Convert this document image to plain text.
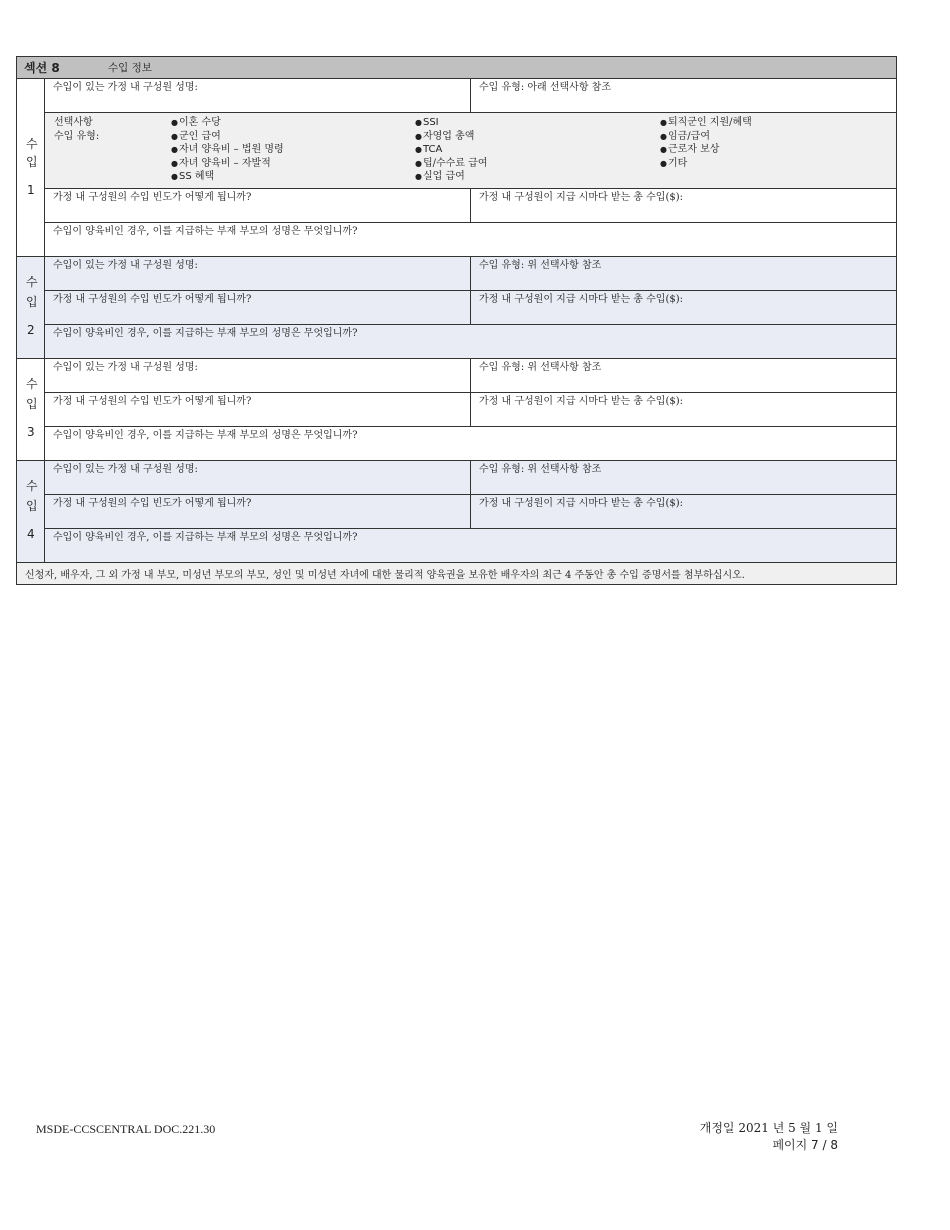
섹션 8	수입 정보
수
입
1
수입이 있는 가정 내 구성원 성명:	수입 유형: 아래 선택사항 참조
선택사항
수입 유형:
● 이혼 수당
● 군인 급여
● 자녀 양육비 – 법원 명령
● 자녀 양육비 – 자발적
● SS 혜택
● SSI
● 자영업 총액
● TCA
● 팁/수수료 급여
● 실업 급여
● 퇴직군인 지원/혜택
● 임금/급여
● 근로자 보상
● 기타
가정 내 구성원의 수입 빈도가 어떻게 됩니까?	가정 내 구성원이 지급 시마다 받는 총 수입($):
수입이 양육비인 경우, 이를 지급하는 부재 부모의 성명은 무엇입니까?
수
입
2
수입이 있는 가정 내 구성원 성명:	수입 유형: 위 선택사항 참조
가정 내 구성원의 수입 빈도가 어떻게 됩니까?	가정 내 구성원이 지급 시마다 받는 총 수입($):
수입이 양육비인 경우, 이를 지급하는 부재 부모의 성명은 무엇입니까?
수
입
3
수입이 있는 가정 내 구성원 성명:	수입 유형: 위 선택사항 참조
가정 내 구성원의 수입 빈도가 어떻게 됩니까?	가정 내 구성원이 지급 시마다 받는 총 수입($):
수입이 양육비인 경우, 이를 지급하는 부재 부모의 성명은 무엇입니까?
수
입
4
수입이 있는 가정 내 구성원 성명:	수입 유형: 위 선택사항 참조
가정 내 구성원의 수입 빈도가 어떻게 됩니까?	가정 내 구성원이 지급 시마다 받는 총 수입($):
수입이 양육비인 경우, 이를 지급하는 부재 부모의 성명은 무엇입니까?
신청자, 배우자, 그 외 가정 내 부모, 미성년 부모의 부모, 성인 및 미성년 자녀에 대한 물리적 양육권을 보유한 배우자의 최근 4 주동안 총 수입 증명서를 첨부하십시오.
MSDE-CCSCENTRAL DOC.221.30	개정일 2021 년 5 월 1 일
페이지 7 / 8
